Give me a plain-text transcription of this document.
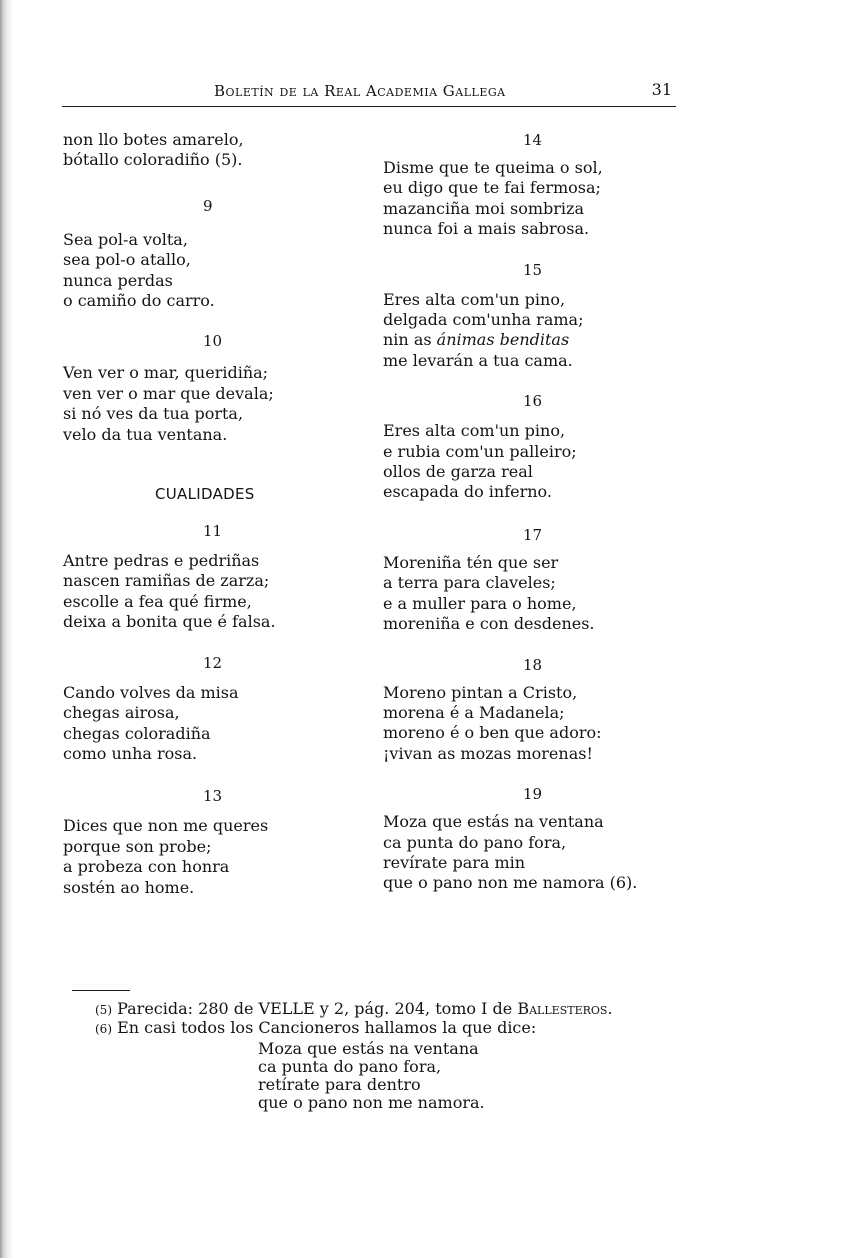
Boletín de la Real Academia Gallega	31
non llo botes amarelo,
bótallo coloradiño (5).
9
Sea pol-a volta,
sea pol-o atallo,
nunca perdas
o camiño do carro.
10
Ven ver o mar, queridiña;
ven ver o mar que devala;
si nó ves da tua porta,
velo da tua ventana.
CUALIDADES
11
Antre pedras e pedriñas
nascen ramiñas de zarza;
escolle a fea qué firme,
deixa a bonita que é falsa.
12
Cando volves da misa
chegas airosa,
chegas coloradiña
como unha rosa.
13
Dices que non me queres
porque son probe;
a probeza con honra
sostén ao home.
14
Disme que te queima o sol,
eu digo que te fai fermosa;
mazanciña moi sombriza
nunca foi a mais sabrosa.
15
Eres alta com'un pino,
delgada com'unha rama;
nin as ánimas benditas
me levarán a tua cama.
16
Eres alta com'un pino,
e rubia com'un palleiro;
ollos de garza real
escapada do inferno.
17
Moreniña tén que ser
a terra para claveles;
e a muller para o home,
moreniña e con desdenes.
18
Moreno pintan a Cristo,
morena é a Madanela;
moreno é o ben que adoro:
¡vivan as mozas morenas!
19
Moza que estás na ventana
ca punta do pano fora,
revírate para min
que o pano non me namora (6).
(5) Parecida: 280 de VELLE y 2, pág. 204, tomo I de Ballesteros.
(6) En casi todos los Cancioneros hallamos la que dice:
Moza que estás na ventana
ca punta do pano fora,
retírate para dentro
que o pano non me namora.
